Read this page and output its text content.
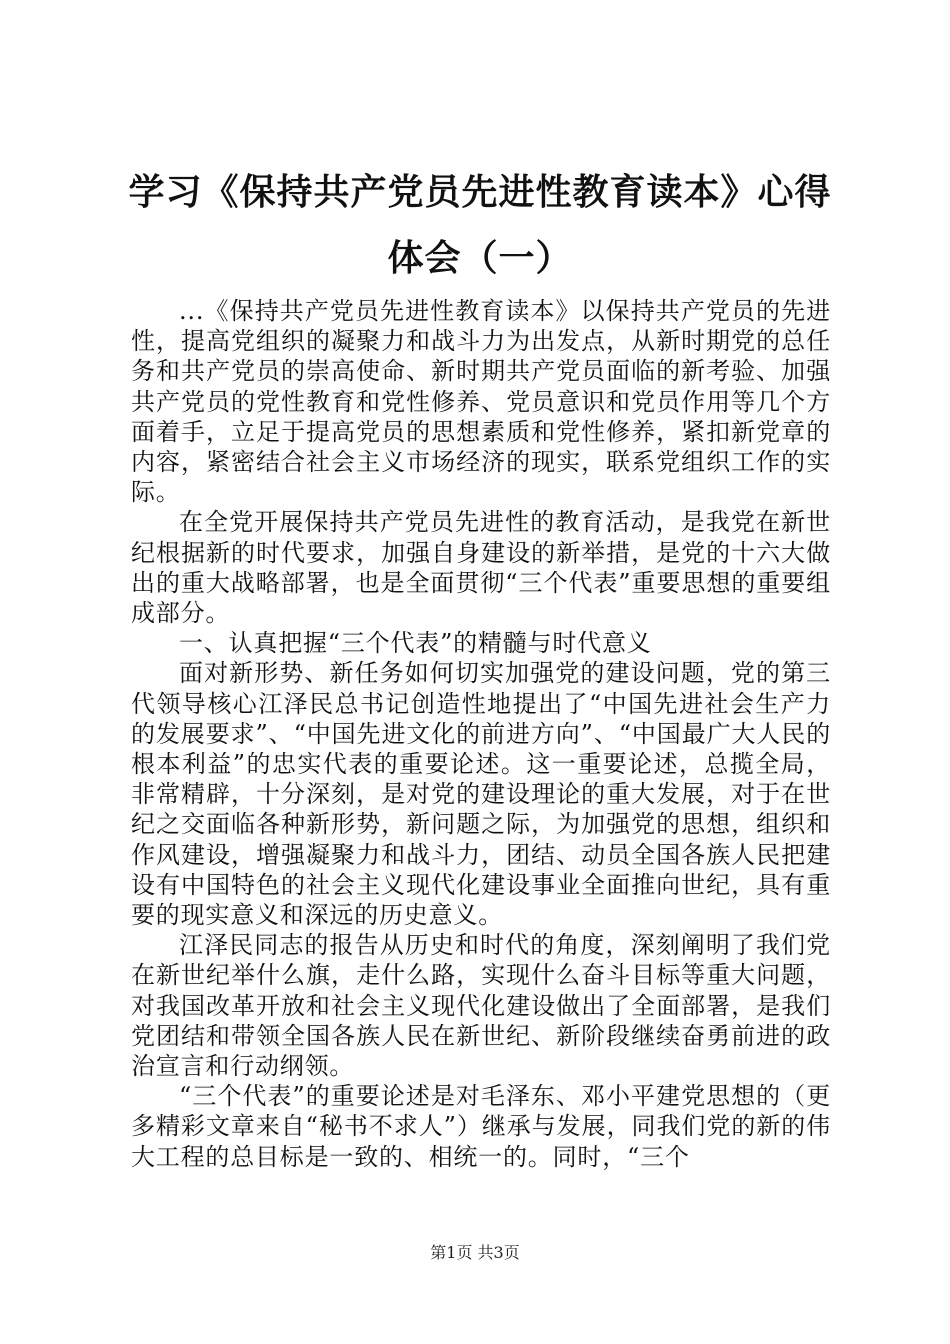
学习《保持共产党员先进性教育读本》心得体会（一）

...《保持共产党员先进性教育读本》以保持共产党员的先进性，提高党组织的凝聚力和战斗力为出发点，从新时期党的总任务和共产党员的崇高使命、新时期共产党员面临的新考验、加强共产党员的党性教育和党性修养、党员意识和党员作用等几个方面着手，立足于提高党员的思想素质和党性修养，紧扣新党章的内容，紧密结合社会主义市场经济的现实，联系党组织工作的实际。

在全党开展保持共产党员先进性的教育活动，是我党在新世纪根据新的时代要求，加强自身建设的新举措，是党的十六大做出的重大战略部署，也是全面贯彻“三个代表”重要思想的重要组成部分。

一、认真把握“三个代表”的精髓与时代意义

面对新形势、新任务如何切实加强党的建设问题，党的第三代领导核心江泽民总书记创造性地提出了“中国先进社会生产力的发展要求”、“中国先进文化的前进方向”、“中国最广大人民的根本利益”的忠实代表的重要论述。这一重要论述，总揽全局，非常精辟，十分深刻，是对党的建设理论的重大发展，对于在世纪之交面临各种新形势，新问题之际，为加强党的思想，组织和作风建设，增强凝聚力和战斗力，团结、动员全国各族人民把建设有中国特色的社会主义现代化建设事业全面推向世纪，具有重要的现实意义和深远的历史意义。

江泽民同志的报告从历史和时代的角度，深刻阐明了我们党在新世纪举什么旗，走什么路，实现什么奋斗目标等重大问题，对我国改革开放和社会主义现代化建设做出了全面部署，是我们党团结和带领全国各族人民在新世纪、新阶段继续奋勇前进的政治宣言和行动纲领。

“三个代表”的重要论述是对毛泽东、邓小平建党思想的（更多精彩文章来自“秘书不求人”）继承与发展，同我们党的新的伟大工程的总目标是一致的、相统一的。同时，“三个

第1页 共3页
